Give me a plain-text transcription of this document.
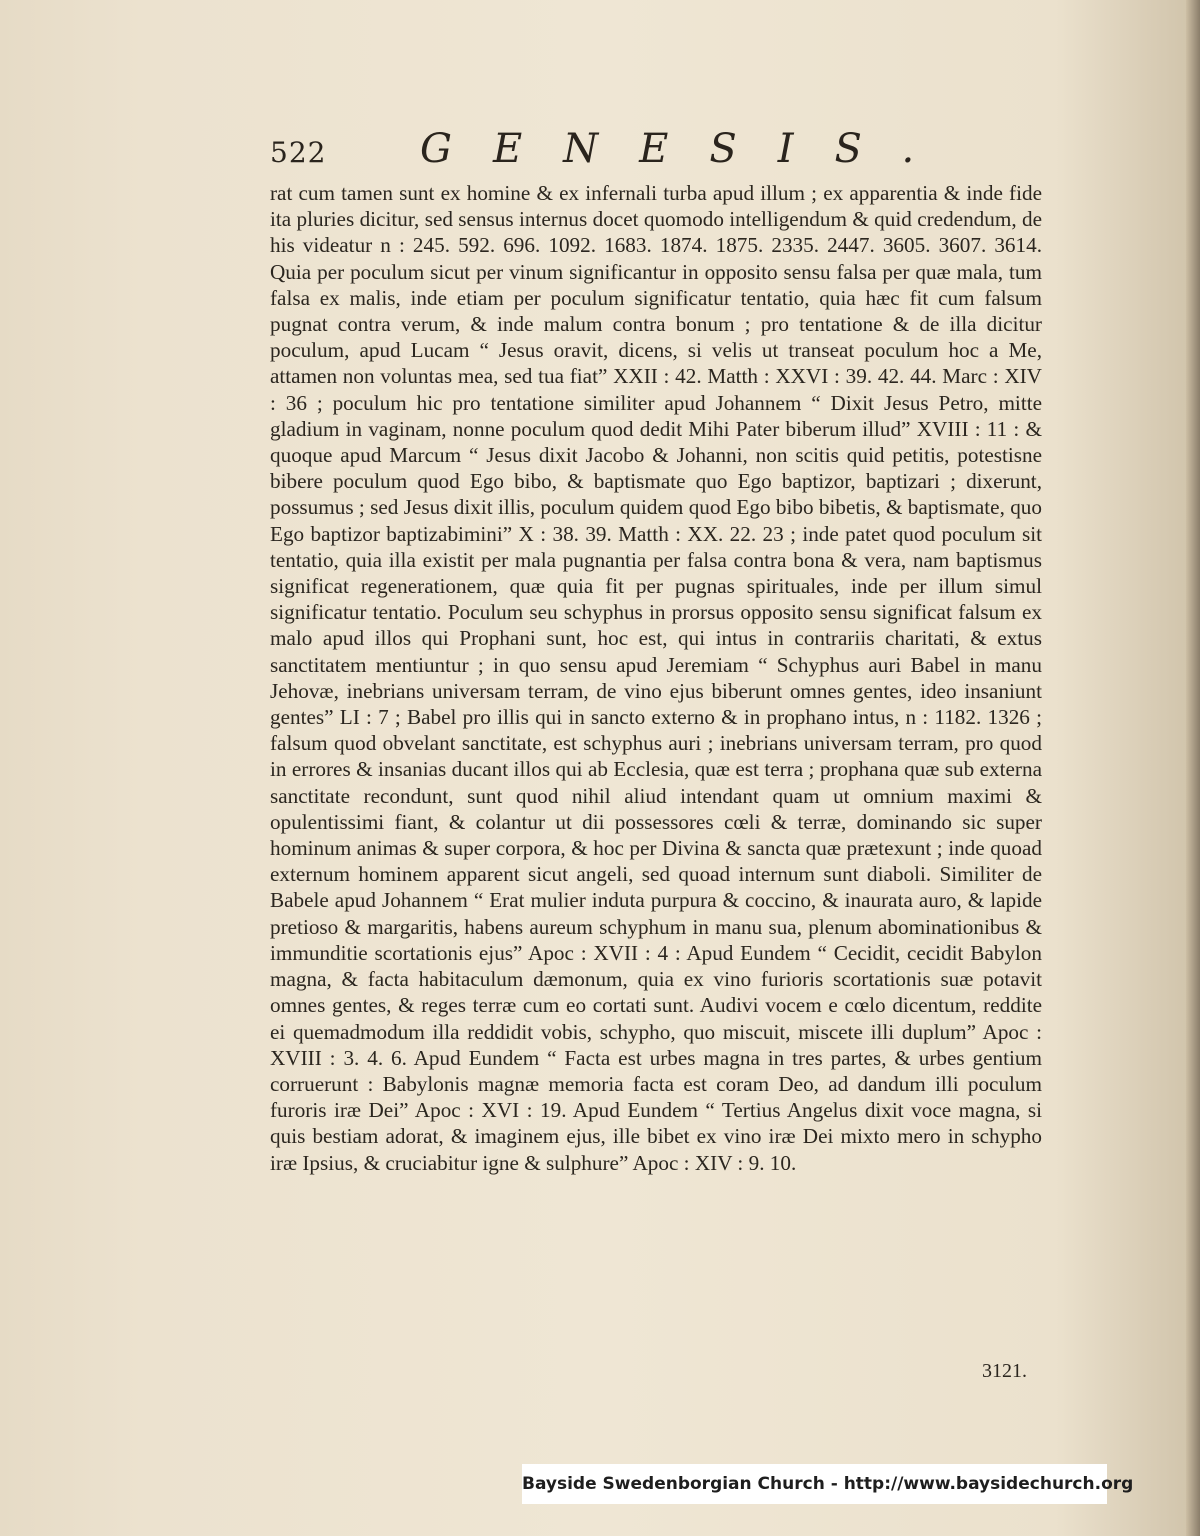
522 GENESIS.

rat cum tamen sunt ex homine & ex infernali turba apud illum ; ex apparentia & inde fide ita pluries dicitur, sed sensus internus docet quomodo intelligendum & quid credendum, de his videatur n : 245. 592. 696. 1092. 1683. 1874. 1875. 2335. 2447. 3605. 3607. 3614. Quia per poculum sicut per vinum significantur in opposito sensu falsa per quæ mala, tum falsa ex malis, inde etiam per poculum significatur tentatio, quia hæc fit cum falsum pugnat contra verum, & inde malum contra bonum ; pro tentatione & de illa dicitur poculum, apud Lucam “ Jesus oravit, dicens, si velis ut transeat poculum hoc a Me, attamen non voluntas mea, sed tua fiat” XXII : 42. Matth : XXVI : 39. 42. 44. Marc : XIV : 36 ; poculum hic pro tentatione similiter apud Johannem “ Dixit Jesus Petro, mitte gladium in vaginam, nonne poculum quod dedit Mihi Pater biberum illud” XVIII : 11 : & quoque apud Marcum “ Jesus dixit Jacobo & Johanni, non scitis quid petitis, potestisne bibere poculum quod Ego bibo, & baptismate quo Ego baptizor, baptizari ; dixerunt, possumus ; sed Jesus dixit illis, poculum quidem quod Ego bibo bibetis, & baptismate, quo Ego baptizor baptizabimini” X : 38. 39. Matth : XX. 22. 23 ; inde patet quod poculum sit tentatio, quia illa existit per mala pugnantia per falsa contra bona & vera, nam baptismus significat regenerationem, quæ quia fit per pugnas spirituales, inde per illum simul significatur tentatio. Poculum seu schyphus in prorsus opposito sensu significat falsum ex malo apud illos qui Prophani sunt, hoc est, qui intus in contrariis charitati, & extus sanctitatem mentiuntur ; in quo sensu apud Jeremiam “ Schyphus auri Babel in manu Jehovæ, inebrians universam terram, de vino ejus biberunt omnes gentes, ideo insaniunt gentes” LI : 7 ; Babel pro illis qui in sancto externo & in prophano intus, n : 1182. 1326 ; falsum quod obvelant sanctitate, est schyphus auri ; inebrians universam terram, pro quod in errores & insanias ducant illos qui ab Ecclesia, quæ est terra ; prophana quæ sub externa sanctitate recondunt, sunt quod nihil aliud intendant quam ut omnium maximi & opulentissimi fiant, & colantur ut dii possessores cœli & terræ, dominando sic super hominum animas & super corpora, & hoc per Divina & sancta quæ prætexunt ; inde quoad externum hominem apparent sicut angeli, sed quoad internum sunt diaboli. Similiter de Babele apud Johannem “ Erat mulier induta purpura & coccino, & inaurata auro, & lapide pretioso & margaritis, habens aureum schyphum in manu sua, plenum abominationibus & immunditie scortationis ejus” Apoc : XVII : 4 : Apud Eundem “ Cecidit, cecidit Babylon magna, & facta habitaculum dæmonum, quia ex vino furioris scortationis suæ potavit omnes gentes, & reges terræ cum eo cortati sunt. Audivi vocem e cœlo dicentum, reddite ei quemadmodum illa reddidit vobis, schypho, quo miscuit, miscete illi duplum” Apoc : XVIII : 3. 4. 6. Apud Eundem “ Facta est urbes magna in tres partes, & urbes gentium corruerunt : Babylonis magnæ memoria facta est coram Deo, ad dandum illi poculum furoris iræ Dei” Apoc : XVI : 19. Apud Eundem “ Tertius Angelus dixit voce magna, si quis bestiam adorat, & imaginem ejus, ille bibet ex vino iræ Dei mixto mero in schypho iræ Ipsius, & cruciabitur igne & sulphure” Apoc : XIV : 9. 10.

3121.
Bayside Swedenborgian Church - http://www.baysidechurch.org
